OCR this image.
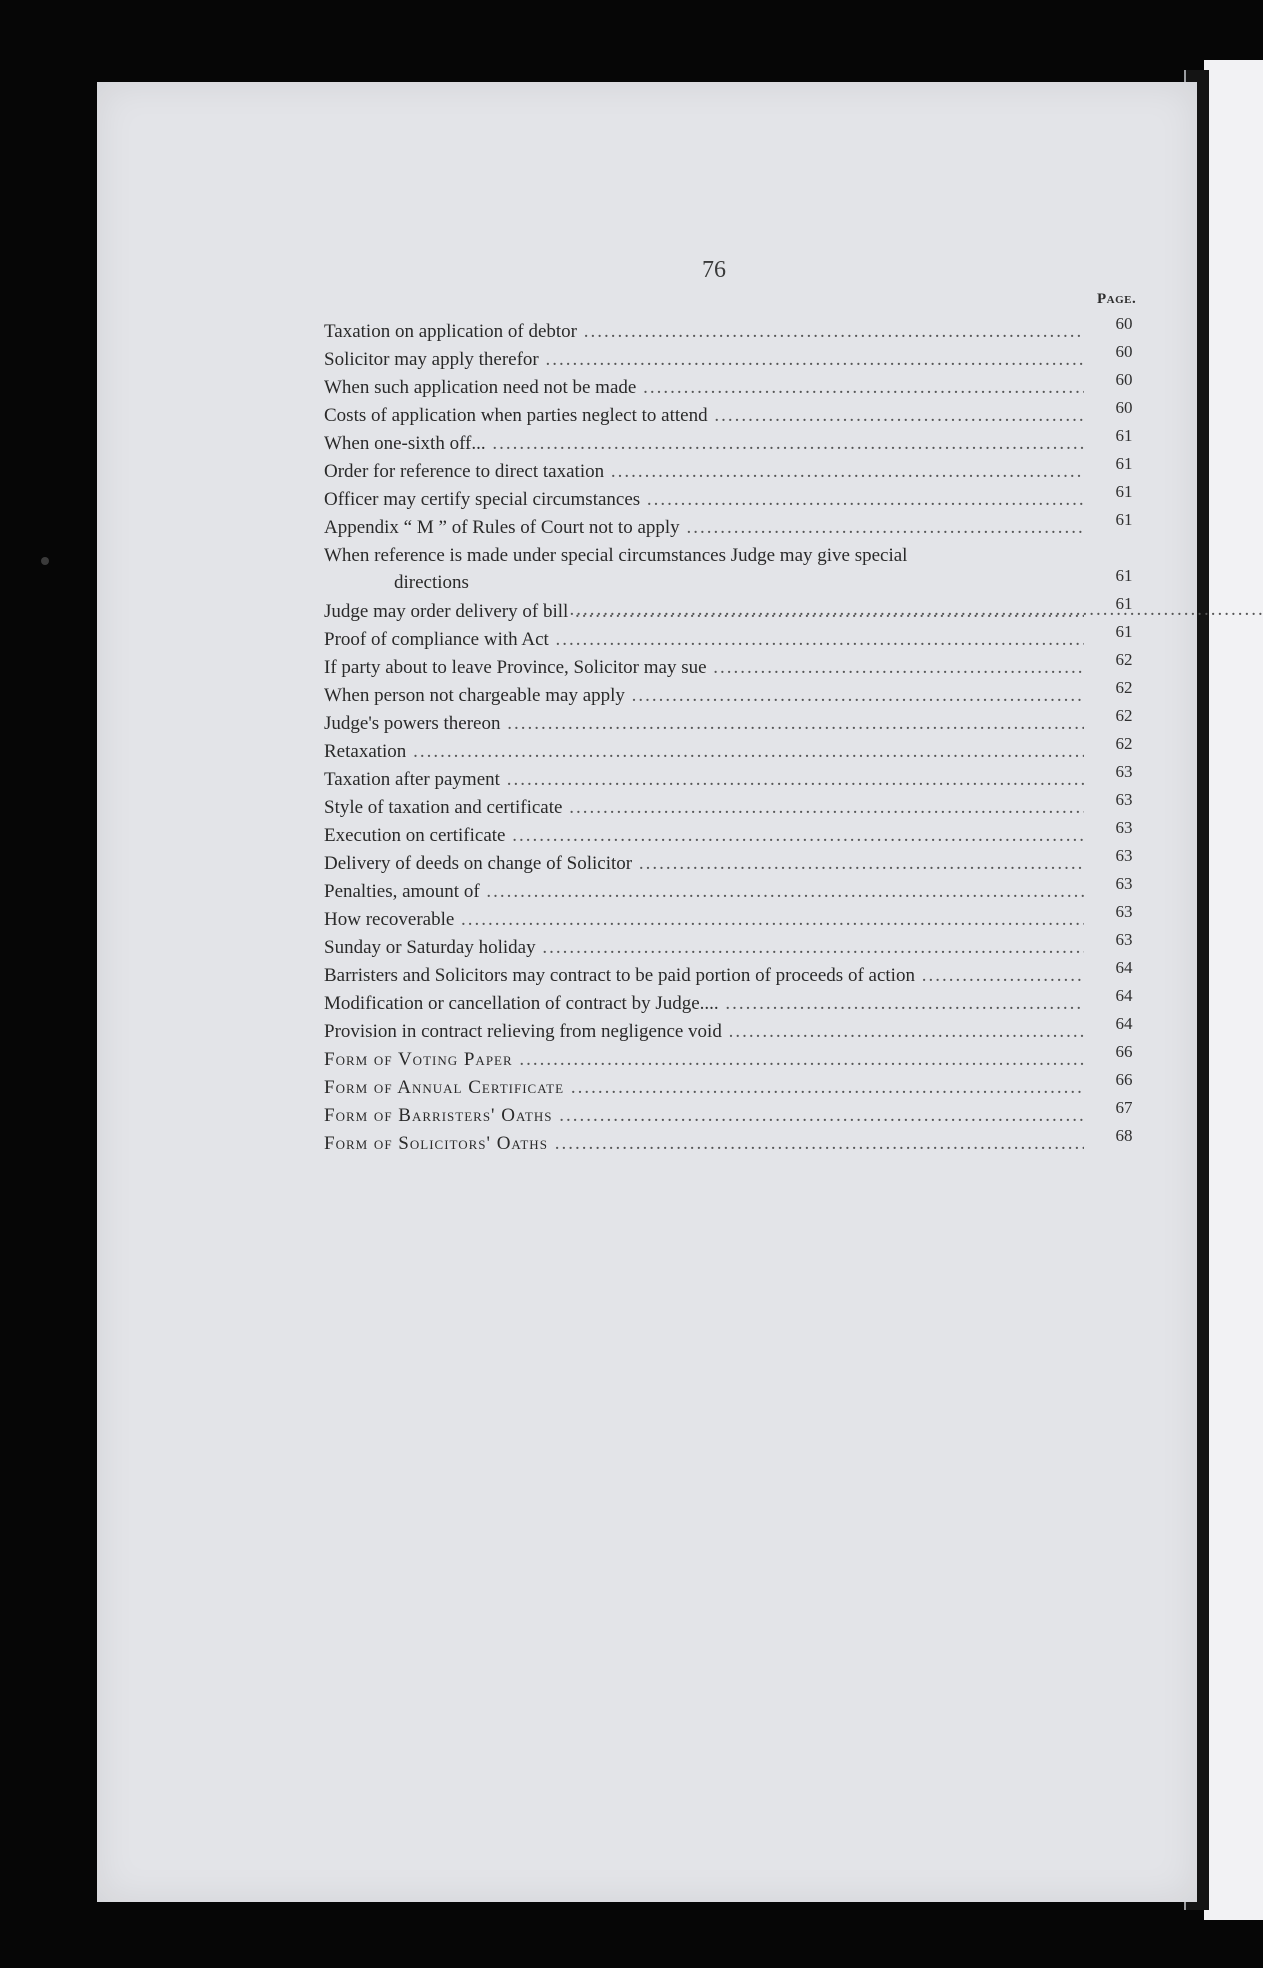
76
Page.
Taxation on application of debtor .....	60
Solicitor may apply therefor .....	60
When such application need not be made .....	60
Costs of application when parties neglect to attend .....	60
When one-sixth off... .....	61
Order for reference to direct taxation .....	61
Officer may certify special circumstances .....	61
Appendix “ M ” of Rules of Court not to apply .....	61
When reference is made under special circumstances Judge may give special
directions .....	61
Judge may order delivery of bill .....	61
Proof of compliance with Act .....	61
If party about to leave Province, Solicitor may sue .....	62
When person not chargeable may apply .....	62
Judge's powers thereon .....	62
Retaxation .....	62
Taxation after payment .....	63
Style of taxation and certificate .....	63
Execution on certificate .....	63
Delivery of deeds on change of Solicitor .....	63
Penalties, amount of .....	63
How recoverable .....	63
Sunday or Saturday holiday .....	63
Barristers and Solicitors may contract to be paid portion of proceeds of action .....	64
Modification or cancellation of contract by Judge.... .....	64
Provision in contract relieving from negligence void .....	64
Form of Voting Paper .....	66
Form of Annual Certificate .....	66
Form of Barristers' Oaths .....	67
Form of Solicitors' Oaths .....	68
